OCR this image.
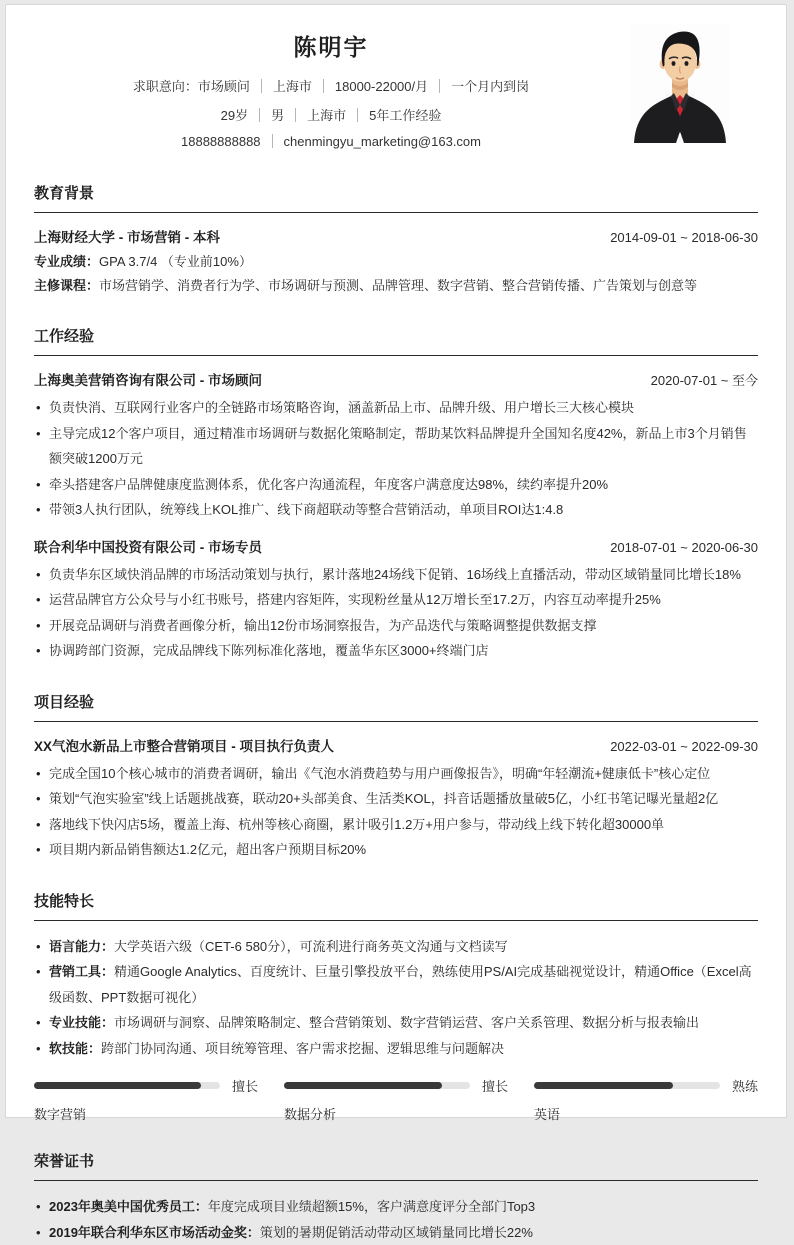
陈明宇
求职意向：市场顾问 上海市 18000-22000/月 一个月内到岗
29岁 男 上海市 5年工作经验
18888888888 chenmingyu_marketing@163.com
教育背景
上海财经大学 - 市场营销 - 本科	2014-09-01 ~ 2018-06-30
专业成绩：GPA 3.7/4 （专业前10%）
主修课程：市场营销学、消费者行为学、市场调研与预测、品牌管理、数字营销、整合营销传播、广告策划与创意等
工作经验
上海奥美营销咨询有限公司 - 市场顾问	2020-07-01 ~ 至今
• 负责快消、互联网行业客户的全链路市场策略咨询，涵盖新品上市、品牌升级、用户增长三大核心模块
• 主导完成12个客户项目，通过精准市场调研与数据化策略制定，帮助某饮料品牌提升全国知名度42%，新品上市3个月销售额突破1200万元
• 牵头搭建客户品牌健康度监测体系，优化客户沟通流程，年度客户满意度达98%，续约率提升20%
• 带领3人执行团队，统筹线上KOL推广、线下商超联动等整合营销活动，单项目ROI达1:4.8
联合利华中国投资有限公司 - 市场专员	2018-07-01 ~ 2020-06-30
• 负责华东区域快消品牌的市场活动策划与执行，累计落地24场线下促销、16场线上直播活动，带动区域销量同比增长18%
• 运营品牌官方公众号与小红书账号，搭建内容矩阵，实现粉丝量从12万增长至17.2万，内容互动率提升25%
• 开展竞品调研与消费者画像分析，输出12份市场洞察报告，为产品迭代与策略调整提供数据支撑
• 协调跨部门资源，完成品牌线下陈列标准化落地，覆盖华东区3000+终端门店
项目经验
XX气泡水新品上市整合营销项目 - 项目执行负责人	2022-03-01 ~ 2022-09-30
• 完成全国10个核心城市的消费者调研，输出《气泡水消费趋势与用户画像报告》，明确“年轻潮流+健康低卡”核心定位
• 策划“气泡实验室”线上话题挑战赛，联动20+头部美食、生活类KOL，抖音话题播放量破5亿，小红书笔记曝光量超2亿
• 落地线下快闪店5场，覆盖上海、杭州等核心商圈，累计吸引1.2万+用户参与，带动线上线下转化超30000单
• 项目期内新品销售额达1.2亿元，超出客户预期目标20%
技能特长
• 语言能力：大学英语六级（CET-6 580分），可流利进行商务英文沟通与文档读写
• 营销工具：精通Google Analytics、百度统计、巨量引擎投放平台，熟练使用PS/AI完成基础视觉设计，精通Office（Excel高级函数、PPT数据可视化）
• 专业技能：市场调研与洞察、品牌策略制定、整合营销策划、数字营销运营、客户关系管理、数据分析与报表输出
• 软技能：跨部门协同沟通、项目统筹管理、客户需求挖掘、逻辑思维与问题解决
擅长
数字营销
擅长
数据分析
熟练
英语
荣誉证书
• 2023年奥美中国优秀员工：年度完成项目业绩超额15%，客户满意度评分全部门Top3
• 2019年联合利华东区市场活动金奖：策划的暑期促销活动带动区域销量同比增长22%
